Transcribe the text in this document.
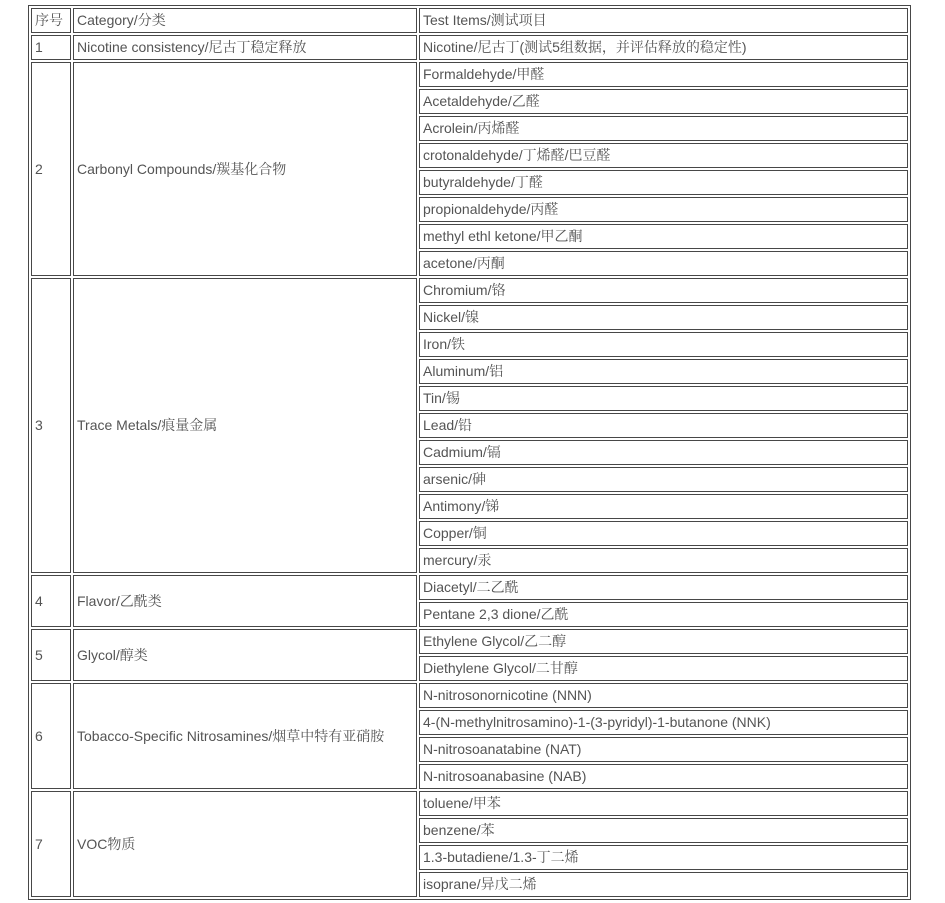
序号	Category/分类	Test Items/测试项目
1	Nicotine consistency/尼古丁稳定释放	Nicotine/尼古丁(测试5组数据，并评估释放的稳定性)
2	Carbonyl Compounds/羰基化合物	Formaldehyde/甲醛
		Acetaldehyde/乙醛
		Acrolein/丙烯醛
		crotonaldehyde/丁烯醛/巴豆醛
		butyraldehyde/丁醛
		propionaldehyde/丙醛
		methyl ethl ketone/甲乙酮
		acetone/丙酮
3	Trace Metals/痕量金属	Chromium/铬
		Nickel/镍
		Iron/铁
		Aluminum/铝
		Tin/锡
		Lead/铅
		Cadmium/镉
		arsenic/砷
		Antimony/锑
		Copper/铜
		mercury/汞
4	Flavor/乙酰类	Diacetyl/二乙酰
		Pentane 2,3 dione/乙酰
5	Glycol/醇类	Ethylene Glycol/乙二醇
		Diethylene Glycol/二甘醇
6	Tobacco-Specific Nitrosamines/烟草中特有亚硝胺	N-nitrosonornicotine (NNN)
		4-(N-methylnitrosamino)-1-(3-pyridyl)-1-butanone (NNK)
		N-nitrosoanatabine (NAT)
		N-nitrosoanabasine (NAB)
7	VOC物质	toluene/甲苯
		benzene/苯
		1.3-butadiene/1.3-丁二烯
		isoprane/异戊二烯
